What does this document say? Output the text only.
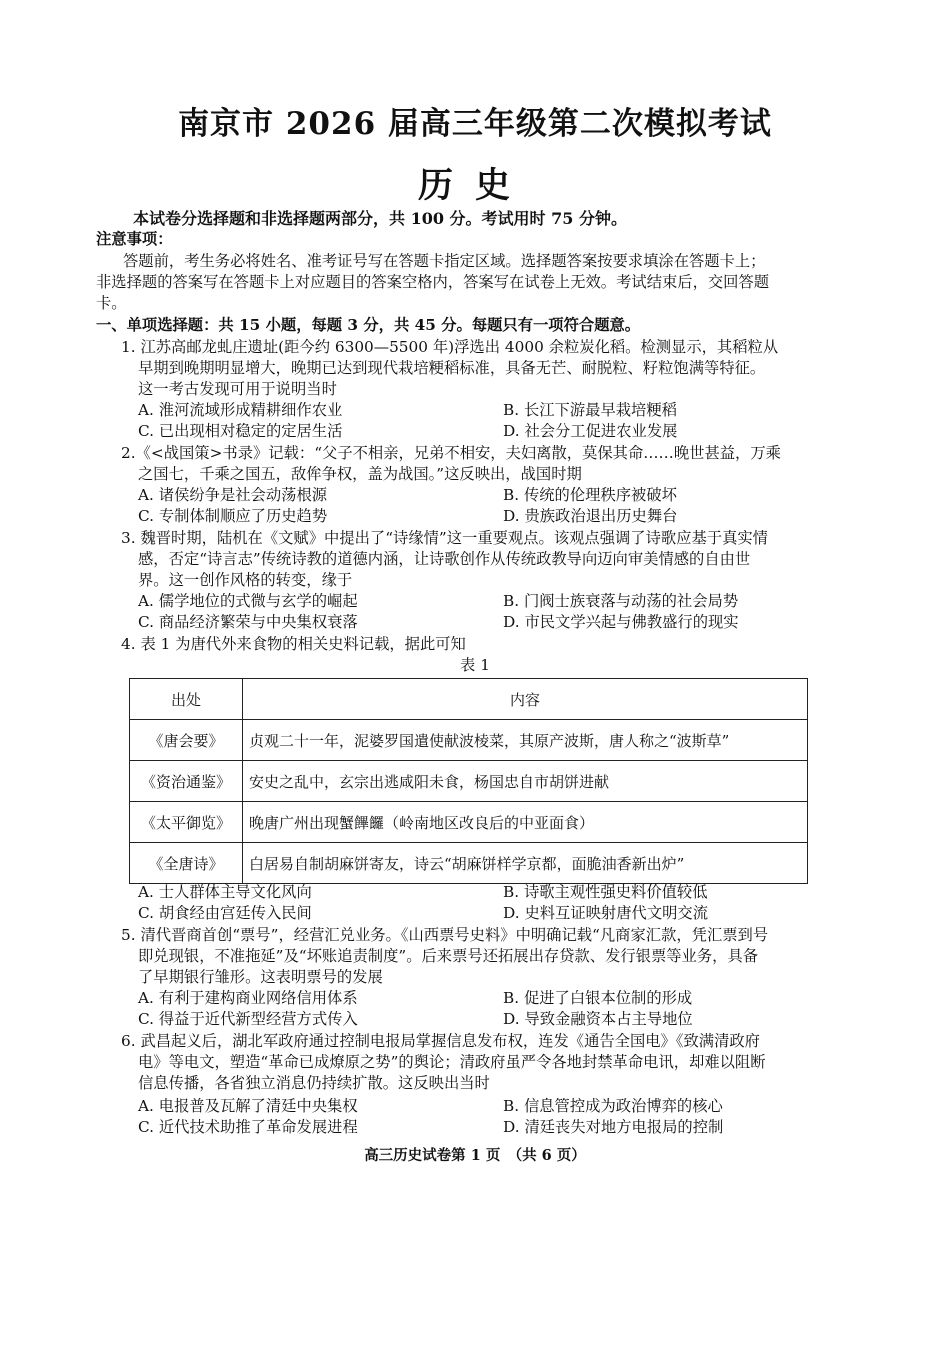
南京市 2026 届高三年级第二次模拟考试
历史
本试卷分选择题和非选择题两部分，共 100 分。考试用时 75 分钟。
注意事项：
答题前，考生务必将姓名、准考证号写在答题卡指定区域。选择题答案按要求填涂在答题卡上；
非选择题的答案写在答题卡上对应题目的答案空格内，答案写在试卷上无效。考试结束后，交回答题
卡。
一、单项选择题：共 15 小题，每题 3 分，共 45 分。每题只有一项符合题意。
1. 江苏高邮龙虬庄遗址(距今约 6300—5500 年)浮选出 4000 余粒炭化稻。检测显示，其稻粒从
早期到晚期明显增大，晚期已达到现代栽培粳稻标准，具备无芒、耐脱粒、籽粒饱满等特征。
这一考古发现可用于说明当时
A. 淮河流域形成精耕细作农业	B. 长江下游最早栽培粳稻
C. 已出现相对稳定的定居生活	D. 社会分工促进农业发展
2.《<战国策>书录》记载：“父子不相亲，兄弟不相安，夫妇离散，莫保其命……晚世甚益，万乘
之国七，千乘之国五，敌侔争权，盖为战国。”这反映出，战国时期
A. 诸侯纷争是社会动荡根源	B. 传统的伦理秩序被破坏
C. 专制体制顺应了历史趋势	D. 贵族政治退出历史舞台
3. 魏晋时期，陆机在《文赋》中提出了“诗缘情”这一重要观点。该观点强调了诗歌应基于真实情
感，否定“诗言志”传统诗教的道德内涵，让诗歌创作从传统政教导向迈向审美情感的自由世
界。这一创作风格的转变，缘于
A. 儒学地位的式微与玄学的崛起	B. 门阀士族衰落与动荡的社会局势
C. 商品经济繁荣与中央集权衰落	D. 市民文学兴起与佛教盛行的现实
4. 表 1 为唐代外来食物的相关史料记载，据此可知
表 1
出处	内容
《唐会要》	贞观二十一年，泥婆罗国遣使献波棱菜，其原产波斯，唐人称之“波斯草”
《资治通鉴》	安史之乱中，玄宗出逃咸阳未食，杨国忠自市胡饼进献
《太平御览》	晚唐广州出现蟹饆饠（岭南地区改良后的中亚面食）
《全唐诗》	白居易自制胡麻饼寄友，诗云“胡麻饼样学京都，面脆油香新出炉”
A. 士人群体主导文化风向	B. 诗歌主观性强史料价值较低
C. 胡食经由宫廷传入民间	D. 史料互证映射唐代文明交流
5. 清代晋商首创“票号”，经营汇兑业务。《山西票号史料》中明确记载“凡商家汇款，凭汇票到号
即兑现银，不准拖延”及“坏账追责制度”。后来票号还拓展出存贷款、发行银票等业务，具备
了早期银行雏形。这表明票号的发展
A. 有利于建构商业网络信用体系	B. 促进了白银本位制的形成
C. 得益于近代新型经营方式传入	D. 导致金融资本占主导地位
6. 武昌起义后，湖北军政府通过控制电报局掌握信息发布权，连发《通告全国电》《致满清政府
电》等电文，塑造“革命已成燎原之势”的舆论；清政府虽严令各地封禁革命电讯，却难以阻断
信息传播，各省独立消息仍持续扩散。这反映出当时
A. 电报普及瓦解了清廷中央集权	B. 信息管控成为政治博弈的核心
C. 近代技术助推了革命发展进程	D. 清廷丧失对地方电报局的控制
高三历史试卷第 1 页　（共 6 页）
